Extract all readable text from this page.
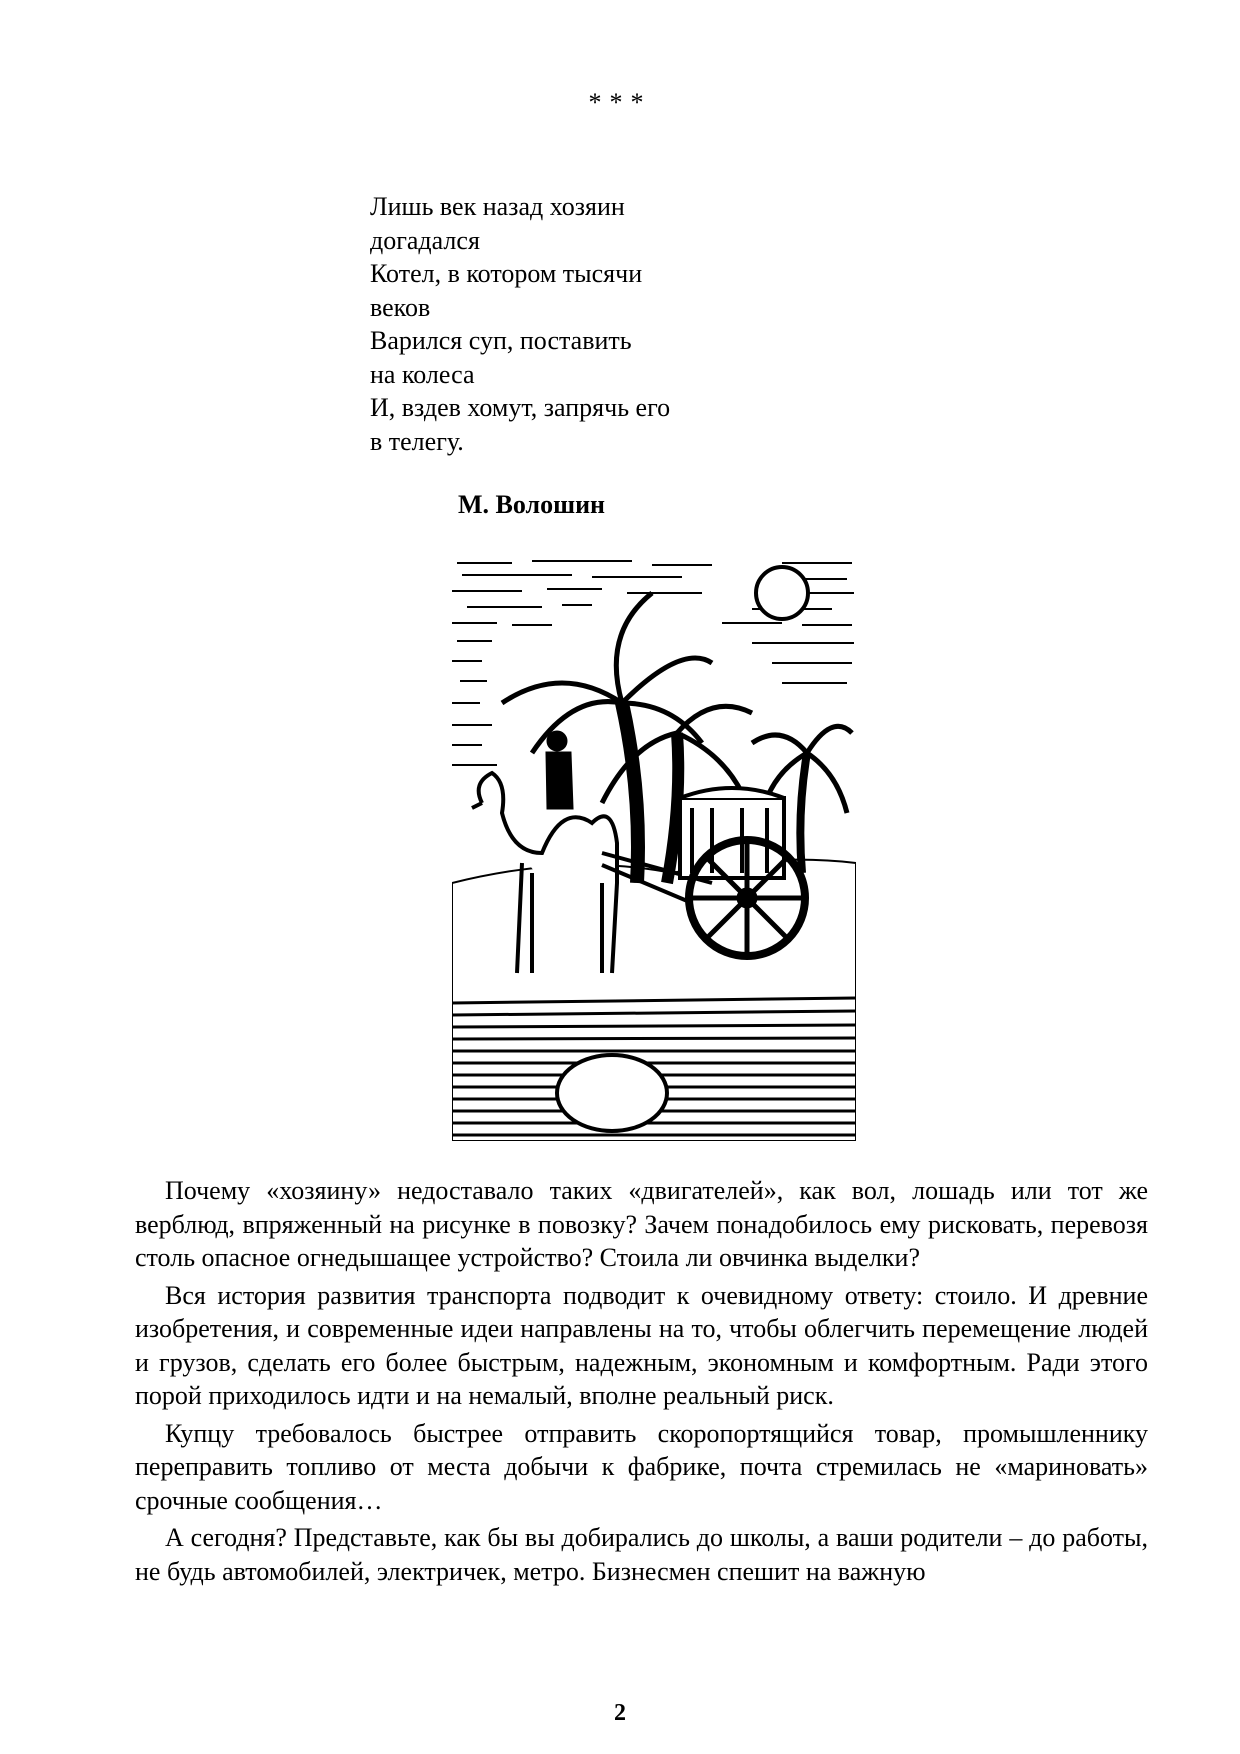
***
Лишь век назад хозяин
догадался
Котел, в котором тысячи
веков
Варился суп, поставить
на колеса
И, вздев хомут, запрячь его
в телегу.
М. Волошин

Почему «хозяину» недоставало таких «двигателей», как вол, лошадь или тот же верблюд, впряженный на рисунке в повозку? Зачем понадобилось ему рисковать, перевозя столь опасное огнедышащее устройство? Стоила ли овчинка выделки?

Вся история развития транспорта подводит к очевидному ответу: стоило. И древние изобретения, и современные идеи направлены на то, чтобы облегчить перемещение людей и грузов, сделать его более быстрым, надежным, экономным и комфортным. Ради этого порой приходилось идти и на немалый, вполне реальный риск.

Купцу требовалось быстрее отправить скоропортящийся товар, промышленнику переправить топливо от места добычи к фабрике, почта стремилась не «мариновать» срочные сообщения…

А сегодня? Представьте, как бы вы добирались до школы, а ваши родители – до работы, не будь автомобилей, электричек, метро. Бизнесмен спешит на важную

2
